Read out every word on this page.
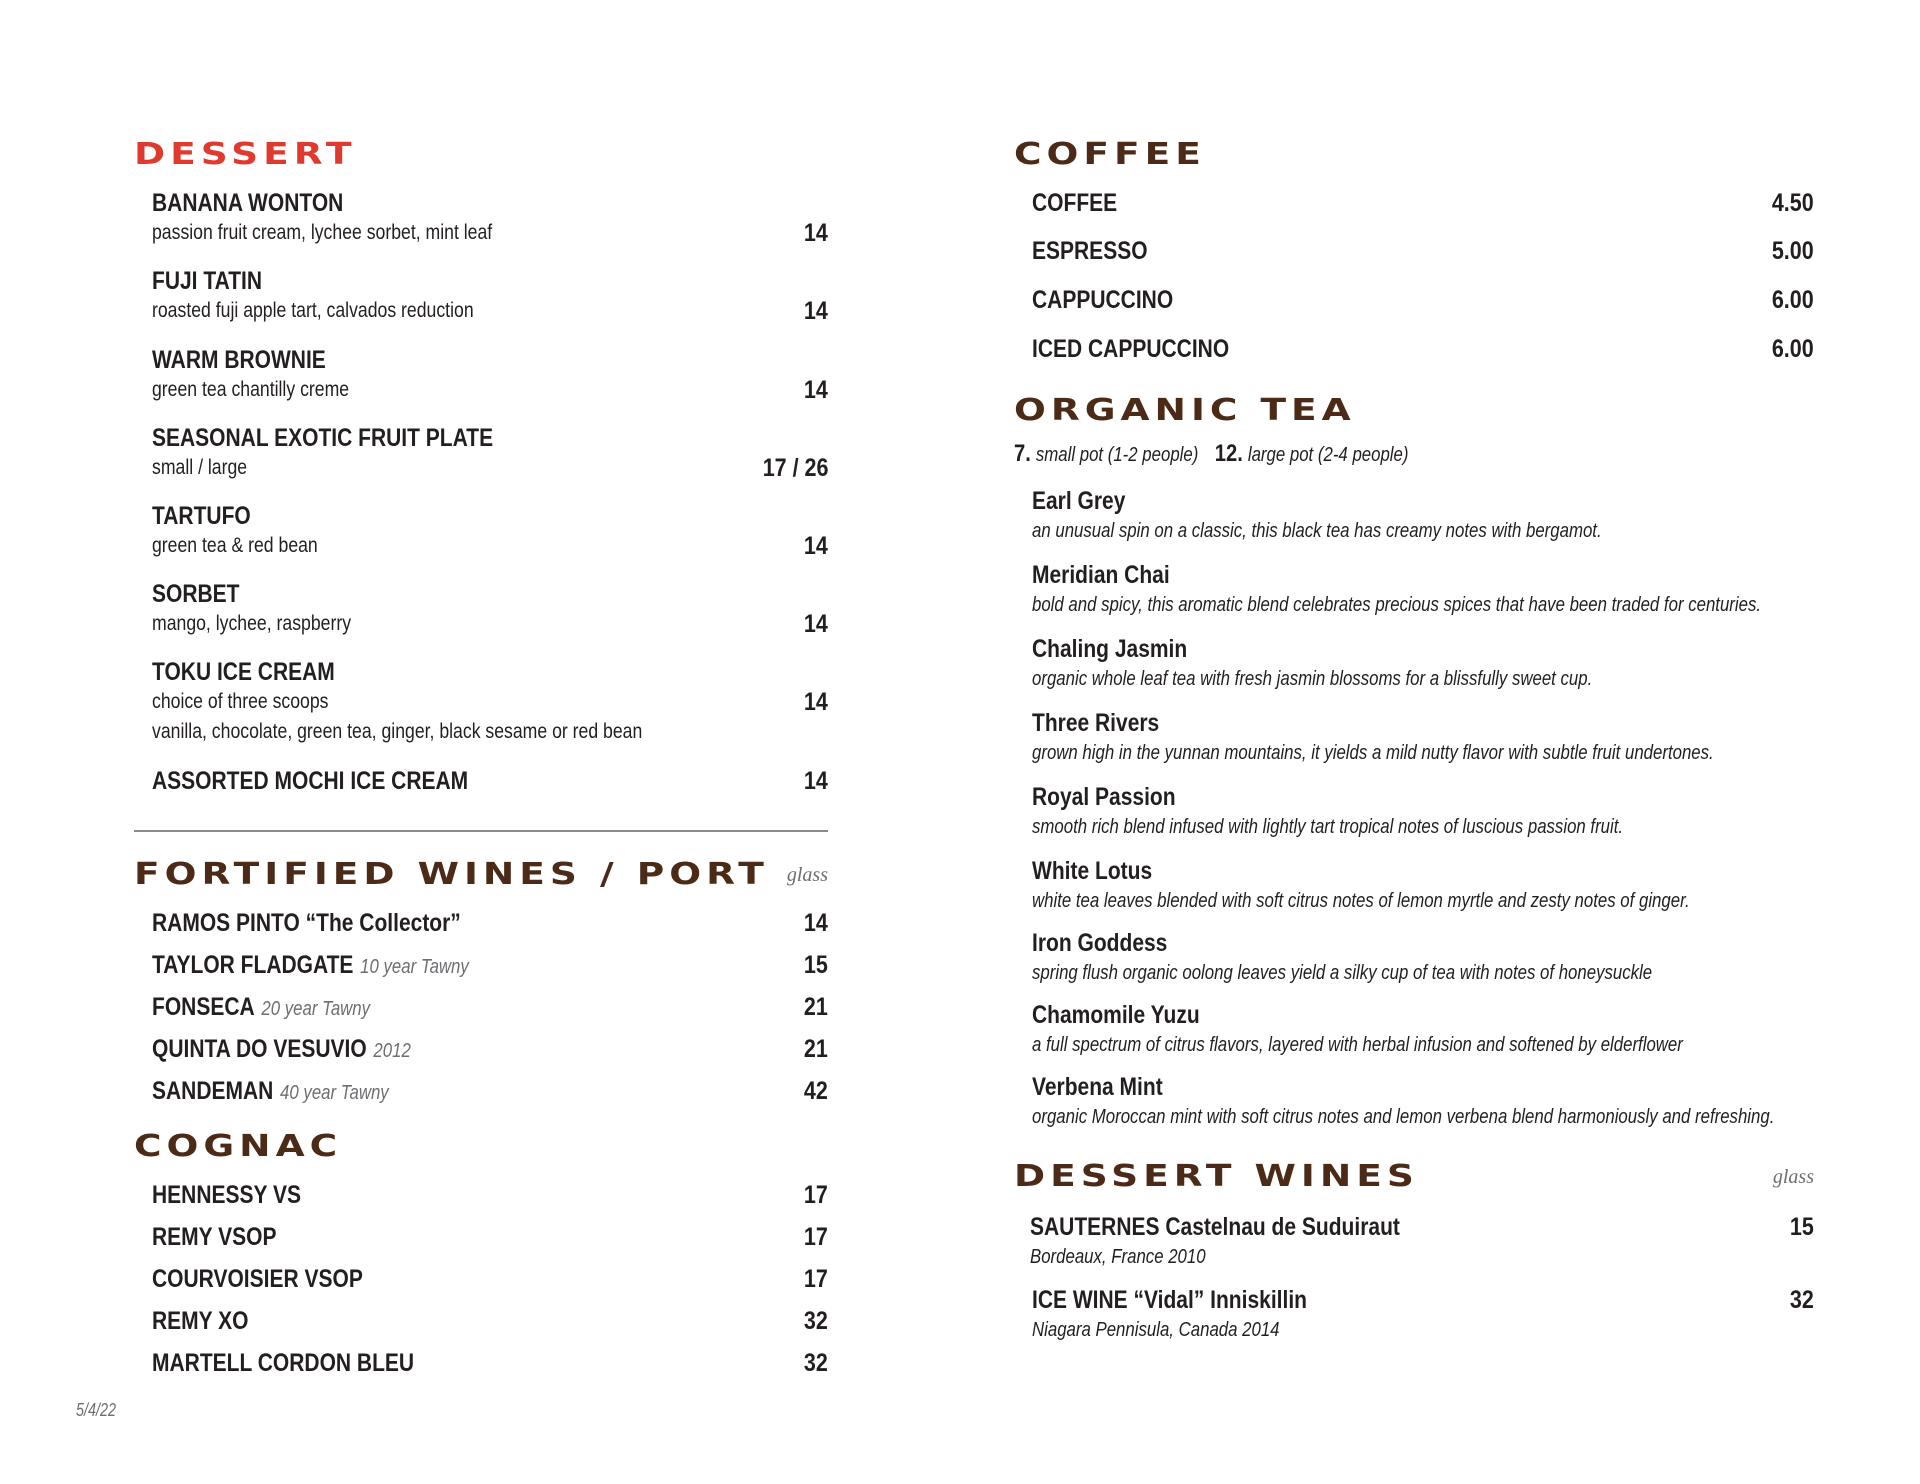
DESSERT
BANANA WONTON
passion fruit cream, lychee sorbet, mint leaf	14
FUJI TATIN
roasted fuji apple tart, calvados reduction	14
WARM BROWNIE
green tea chantilly creme	14
SEASONAL EXOTIC FRUIT PLATE
small / large	17 / 26
TARTUFO
green tea & red bean	14
SORBET
mango, lychee, raspberry	14
TOKU ICE CREAM
choice of three scoops
vanilla, chocolate, green tea, ginger, black sesame or red bean
14
ASSORTED MOCHI ICE CREAM	14
FORTIFIED WINES / PORT glass
RAMOS PINTO “The Collector”	14
TAYLOR FLADGATE 10 year Tawny	15
FONSECA 20 year Tawny	21
QUINTA DO VESUVIO 2012	21
SANDEMAN 40 year Tawny	42
COGNAC
HENNESSY VS	17
REMY VSOP	17
COURVOISIER VSOP	17
REMY XO	32
MARTELL CORDON BLEU	32
COFFEE
COFFEE	4.50
ESPRESSO	5.00
CAPPUCCINO	6.00
ICED CAPPUCCINO	6.00
ORGANIC TEA
7. small pot (1-2 people) 12. large pot (2-4 people)
Earl Grey
an unusual spin on a classic, this black tea has creamy notes with bergamot.
Meridian Chai
bold and spicy, this aromatic blend celebrates precious spices that have been traded for centuries.
Chaling Jasmin
organic whole leaf tea with fresh jasmin blossoms for a blissfully sweet cup.
Three Rivers
grown high in the yunnan mountains, it yields a mild nutty flavor with subtle fruit undertones.
Royal Passion
smooth rich blend infused with lightly tart tropical notes of luscious passion fruit.
White Lotus
white tea leaves blended with soft citrus notes of lemon myrtle and zesty notes of ginger.
Iron Goddess
spring flush organic oolong leaves yield a silky cup of tea with notes of honeysuckle
Chamomile Yuzu
a full spectrum of citrus flavors, layered with herbal infusion and softened by elderflower
Verbena Mint
organic Moroccan mint with soft citrus notes and lemon verbena blend harmoniously and refreshing.
DESSERT WINES	glass
SAUTERNES Castelnau de Suduiraut
Bordeaux, France 2010
15
ICE WINE “Vidal” Inniskillin
Niagara Pennisula, Canada 2014
32
5/4/22
